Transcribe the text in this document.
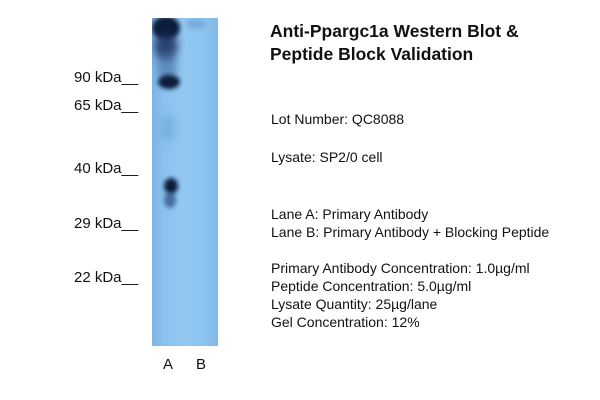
90 kDa__
65 kDa__
40 kDa__
29 kDa__
22 kDa__
A B
Anti-Ppargc1a Western Blot &
Peptide Block Validation
Lot Number: QC8088
Lysate: SP2/0 cell
Lane A: Primary Antibody
Lane B: Primary Antibody + Blocking Peptide
Primary Antibody Concentration: 1.0µg/ml
Peptide Concentration: 5.0µg/ml
Lysate Quantity: 25µg/lane
Gel Concentration: 12%
